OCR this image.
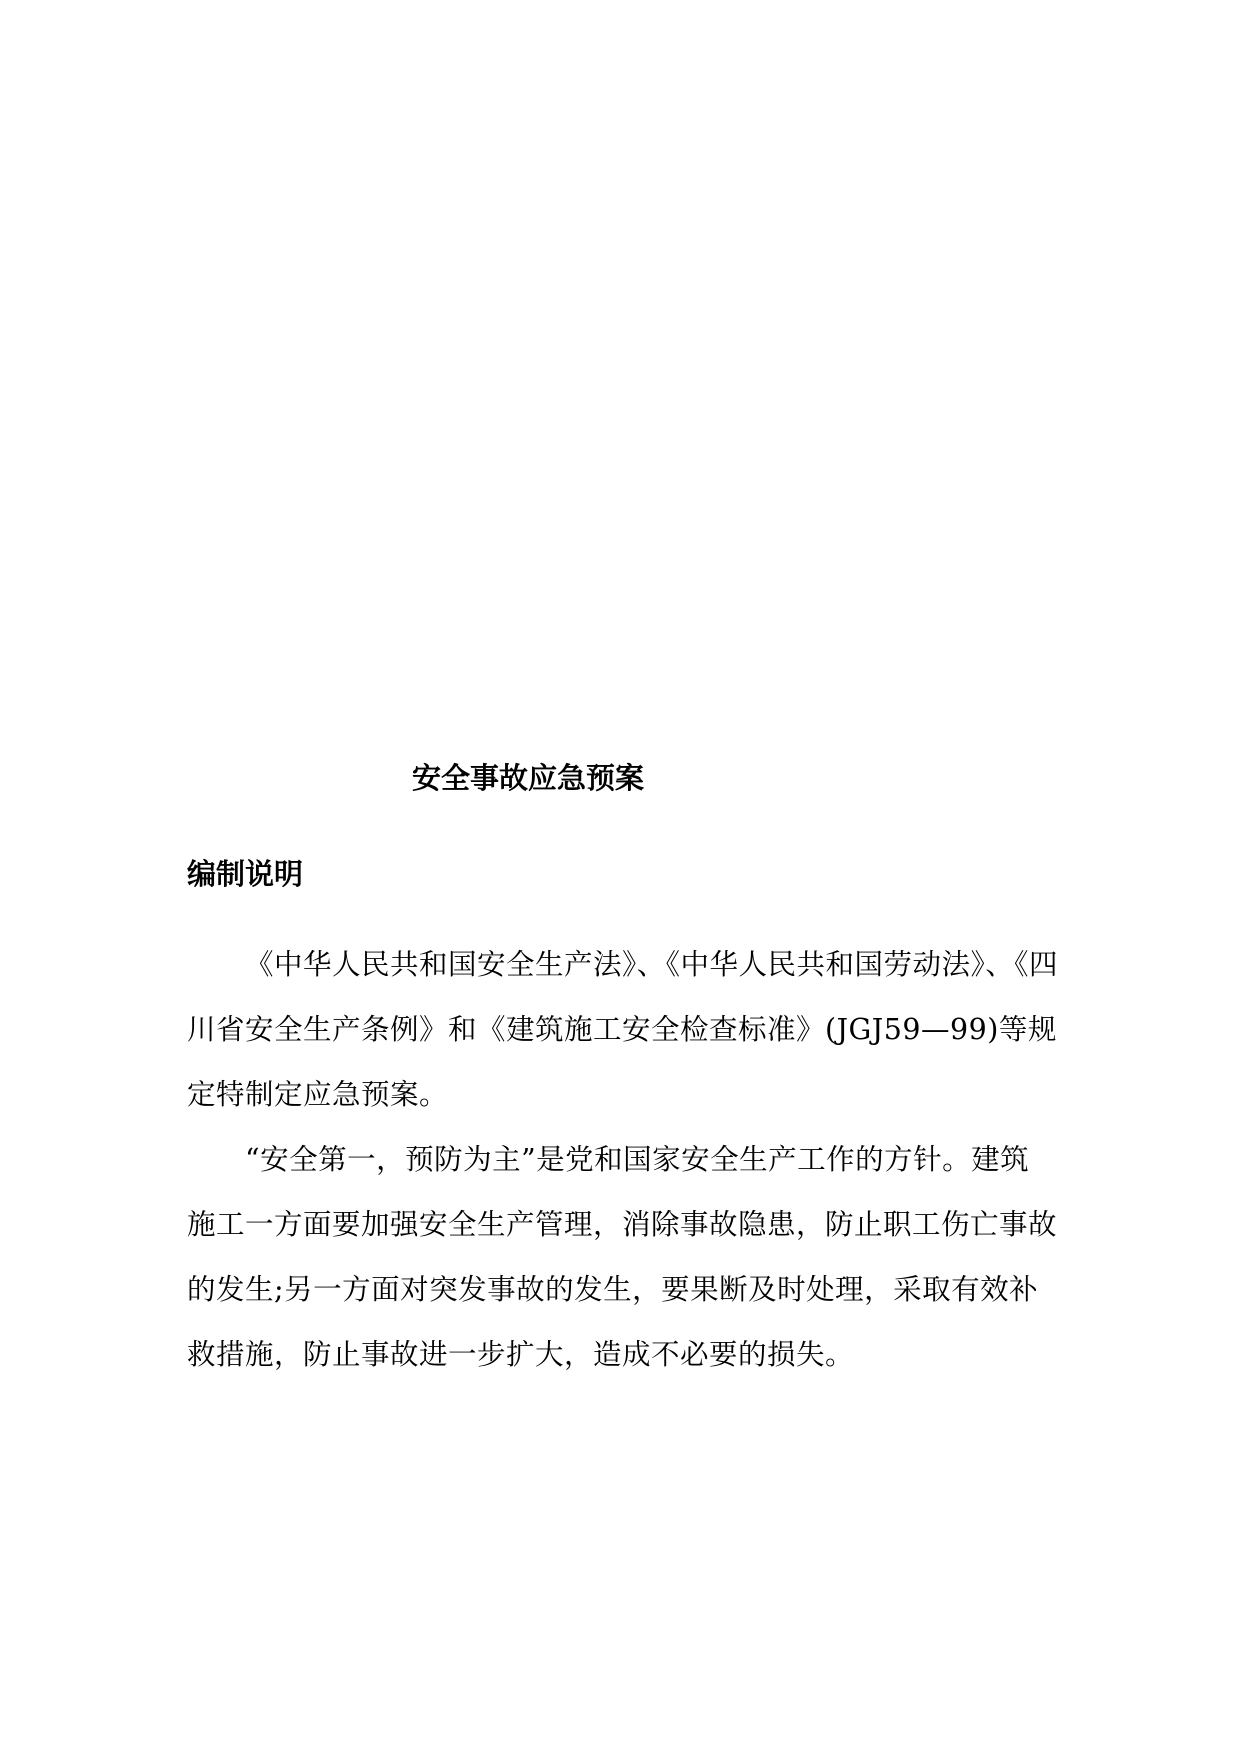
安全事故应急预案
编制说明

《中华人民共和国安全生产法》、《中华人民共和国劳动法》、《四
川省安全生产条例》和《建筑施工安全检查标准》(JGJ59—99)等规
定特制定应急预案。

“安全第一，预防为主”是党和国家安全生产工作的方针。建筑
施工一方面要加强安全生产管理，消除事故隐患，防止职工伤亡事故
的发生;另一方面对突发事故的发生，要果断及时处理，采取有效补
救措施，防止事故进一步扩大，造成不必要的损失。
